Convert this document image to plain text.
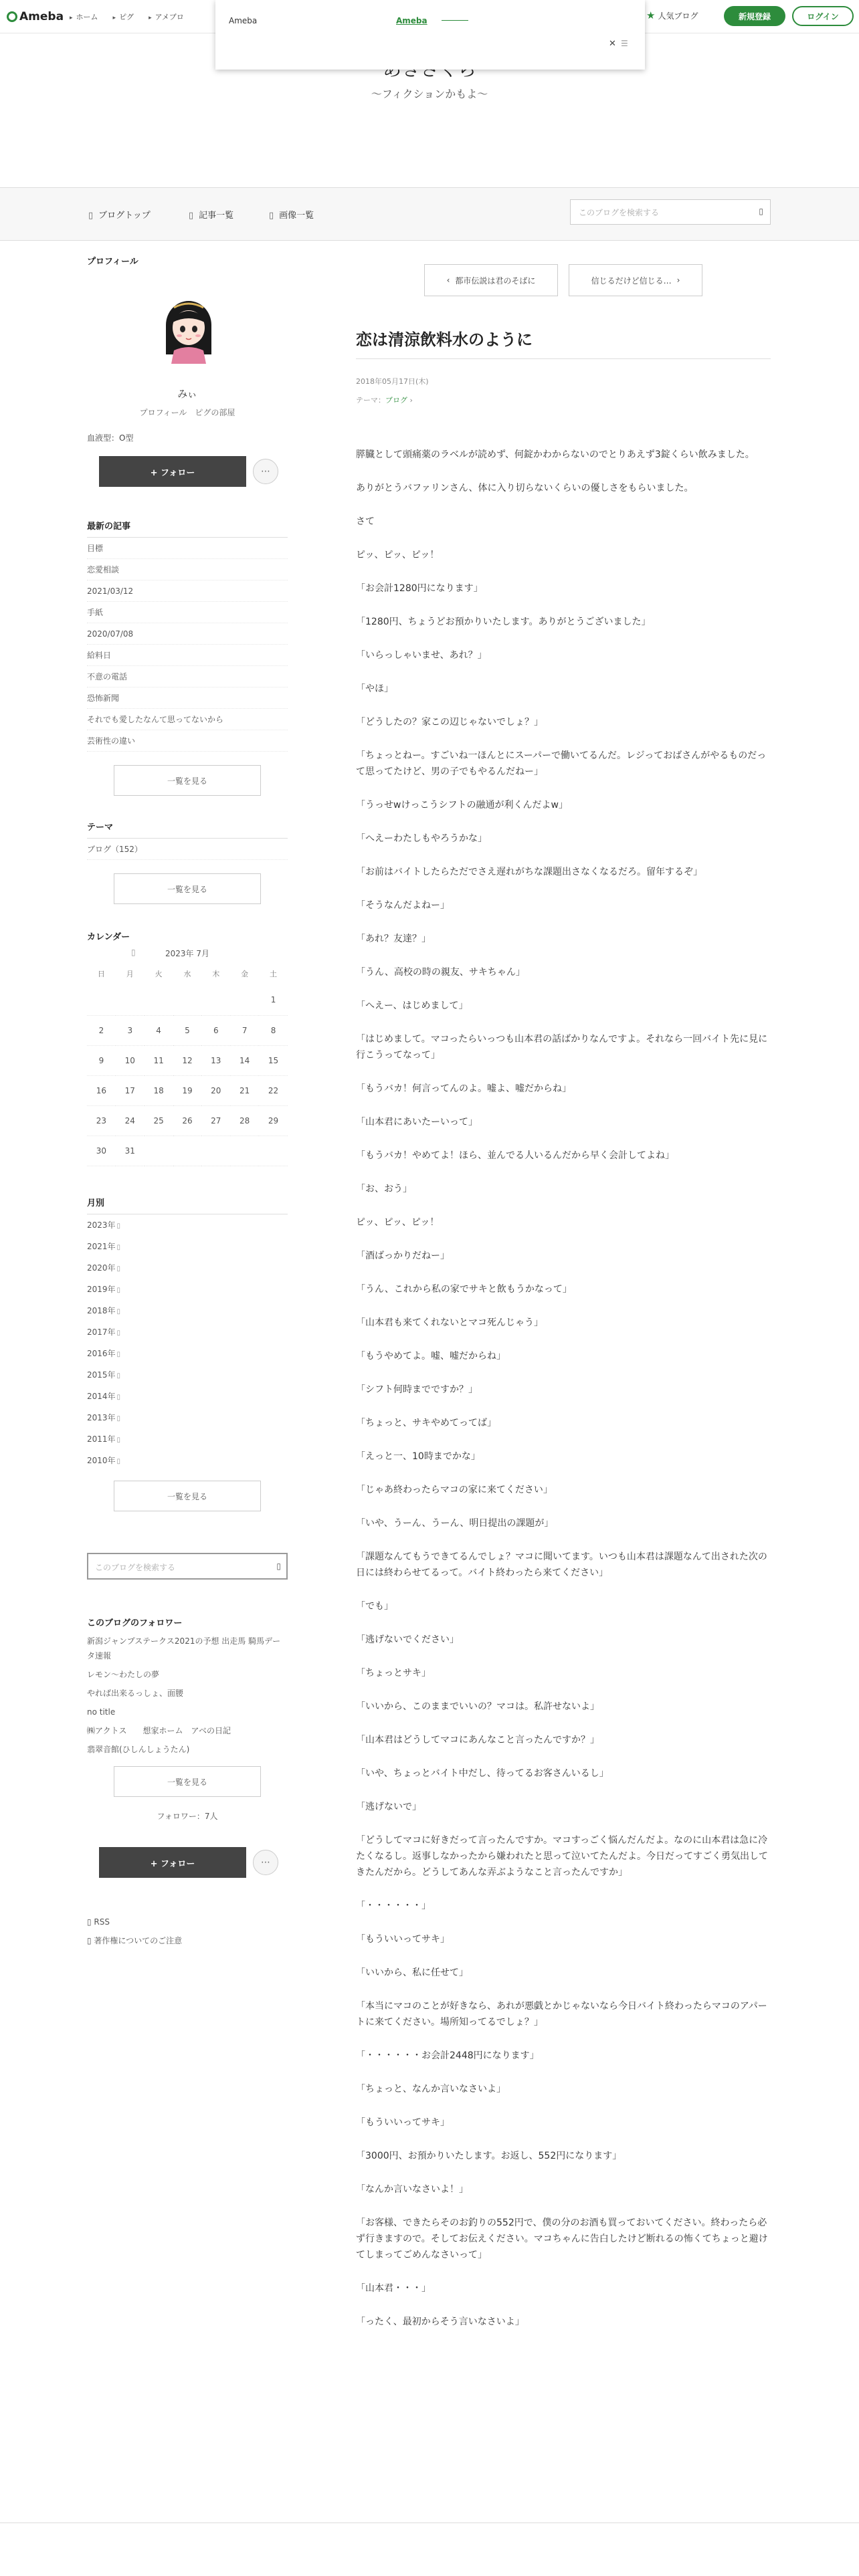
Ameba	▸ ホーム	▸ ピグ	▸ アメブロ	★ 人気ブログ	新規登録	ログイン
Ameba	Ameba
✕ ☰
〜フィクションかもよ〜
▯ ブログトップ	▯ 記事一覧	▯ 画像一覧	このブログを検索する	▯
プロフィール
みぃ
プロフィール　ピグの部屋
血液型：O型
+ フォロー	⋯
最新の記事
目標
恋愛相談
2021/03/12
手紙
2020/07/08
給料日
不意の電話
恐怖新聞
それでも愛したなんて思ってないから
芸術性の違い
一覧を見る
テーマ
ブログ（152）
一覧を見る
カレンダー
▯	2023年 7月
日	月	火	水	木	金	土
						1
2	3	4	5	6	7	8
9	10	11	12	13	14	15
16	17	18	19	20	21	22
23	24	25	26	27	28	29
30	31					
月別
2023年 ▯
2021年 ▯
2020年 ▯
2019年 ▯
2018年 ▯
2017年 ▯
2016年 ▯
2015年 ▯
2014年 ▯
2013年 ▯
2011年 ▯
2010年 ▯
一覧を見る
このブログを検索する	▯
このブログのフォロワー
新潟ジャンプステークス2021の予想 出走馬 騎馬データ速報
レモン〜わたしの夢
やれば出来るっしょ、面腰
no title
㈱アクトス　　想家ホーム　アベの日記
翡翠音館(ひしんしょうたん)
一覧を見る
フォロワー：7人
+ フォロー	⋯
▯ RSS
▯ 著作権についてのご注意
‹ 都市伝説は君のそばに	信じるだけど信じる… ›
恋は清涼飲料水のように
2018年05月17日(木)
テーマ：ブログ ›

膵臓として頭痛薬のラベルが読めず、何錠かわからないのでとりあえず3錠くらい飲みました。

ありがとうバファリンさん、体に入り切らないくらいの優しさをもらいました。

さて

ピッ、ピッ、ピッ！

「お会計1280円になります」

「1280円、ちょうどお預かりいたします。ありがとうございました」

「いらっしゃいませ、あれ？」

「やほ」

「どうしたの？家この辺じゃないでしょ？」

「ちょっとねー。すごいね一ほんとにスーパーで働いてるんだ。レジっておばさんがやるものだって思ってたけど、男の子でもやるんだねー」

「うっせwけっこうシフトの融通が利くんだよw」

「へえーわたしもやろうかな」

「お前はバイトしたらただでさえ遅れがちな課題出さなくなるだろ。留年するぞ」

「そうなんだよねー」

「あれ？友達？」

「うん、高校の時の親友、サキちゃん」

「へえー、はじめまして」

「はじめまして。マコったらいっつも山本君の話ばかりなんですよ。それなら一回バイト先に見に行こうってなって」

「もうバカ！何言ってんのよ。嘘よ、嘘だからね」

「山本君にあいたーいって」

「もうバカ！やめてよ！ほら、並んでる人いるんだから早く会計してよね」

「お、おう」

ピッ、ピッ、ピッ！

「酒ばっかりだねー」

「うん、これから私の家でサキと飲もうかなって」

「山本君も来てくれないとマコ死んじゃう」

「もうやめてよ。嘘、嘘だからね」

「シフト何時までですか？」

「ちょっと、サキやめてってば」

「えっと一、10時までかな」

「じゃあ終わったらマコの家に来てください」

「いや、うーん、うーん、明日提出の課題が」

「課題なんてもうできてるんでしょ？マコに聞いてます。いつも山本君は課題なんて出された次の日には終わらせてるって。バイト終わったら来てください」

「でも」

「逃げないでください」

「ちょっとサキ」

「いいから、このままでいいの？マコは。私許せないよ」

「山本君はどうしてマコにあんなこと言ったんですか？」

「いや、ちょっとバイト中だし、待ってるお客さんいるし」

「逃げないで」

「どうしてマコに好きだって言ったんですか。マコすっごく悩んだんだよ。なのに山本君は急に冷たくなるし。返事しなかったから嫌われたと思って泣いてたんだよ。今日だってすごく勇気出してきたんだから。どうしてあんな弄ぶようなこと言ったんですか」

「・・・・・・」

「もういいってサキ」

「いいから、私に任せて」

「本当にマコのことが好きなら、あれが悪戯とかじゃないなら今日バイト終わったらマコのアパートに来てください。場所知ってるでしょ？」

「・・・・・・お会計2448円になります」

「ちょっと、なんか言いなさいよ」

「もういいってサキ」

「3000円、お預かりいたします。お返し、552円になります」

「なんか言いなさいよ！」

「お客様、できたらそのお釣りの552円で、僕の分のお酒も買っておいてください。終わったら必ず行きますので。そしてお伝えください。マコちゃんに告白したけど断れるの怖くてちょっと避けてしまってごめんなさいって」

「山本君・・・」

「ったく、最初からそう言いなさいよ」
